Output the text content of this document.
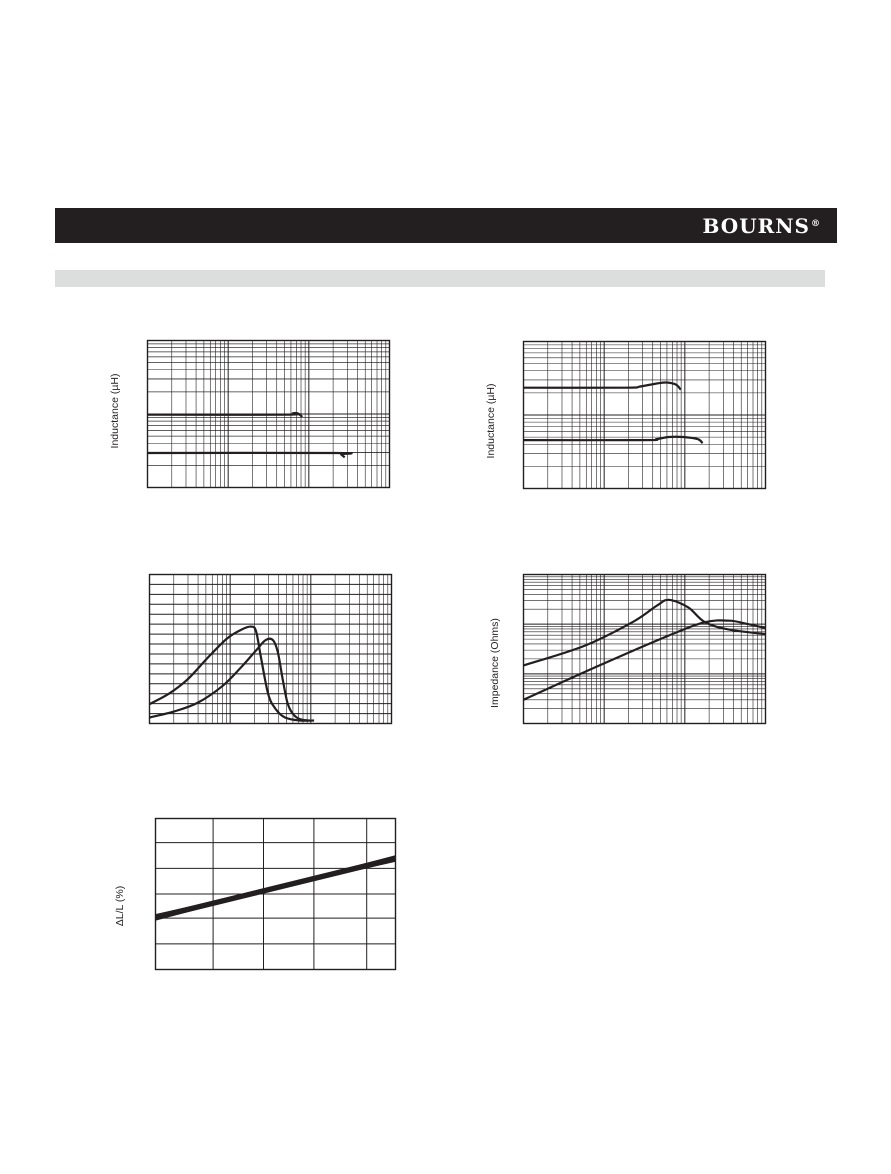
BOURNS®
Inductance (µH)	Inductance (µH)
Impedance (Ohms)
ΔL/L (%)
